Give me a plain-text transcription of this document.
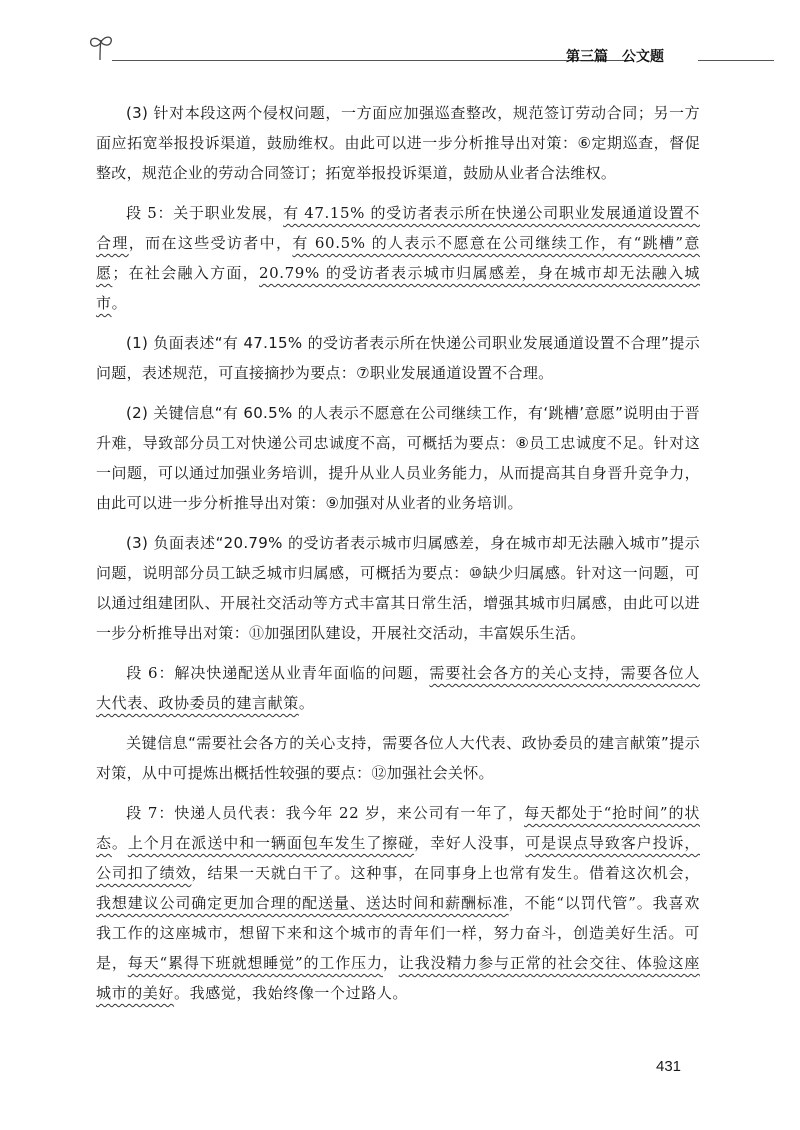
第三篇 公文题

(3) 针对本段这两个侵权问题，一方面应加强巡查整改，规范签订劳动合同；另一方面应拓宽举报投诉渠道，鼓励维权。由此可以进一步分析推导出对策：⑥定期巡查，督促整改，规范企业的劳动合同签订；拓宽举报投诉渠道，鼓励从业者合法维权。

段 5：关于职业发展，有 47.15% 的受访者表示所在快递公司职业发展通道设置不合理，而在这些受访者中，有 60.5% 的人表示不愿意在公司继续工作，有“跳槽”意愿；在社会融入方面，20.79% 的受访者表示城市归属感差，身在城市却无法融入城市。

(1) 负面表述“有 47.15% 的受访者表示所在快递公司职业发展通道设置不合理”提示问题，表述规范，可直接摘抄为要点：⑦职业发展通道设置不合理。

(2) 关键信息“有 60.5% 的人表示不愿意在公司继续工作，有‘跳槽’意愿”说明由于晋升难，导致部分员工对快递公司忠诚度不高，可概括为要点：⑧员工忠诚度不足。针对这一问题，可以通过加强业务培训，提升从业人员业务能力，从而提高其自身晋升竞争力，由此可以进一步分析推导出对策：⑨加强对从业者的业务培训。

(3) 负面表述“20.79% 的受访者表示城市归属感差，身在城市却无法融入城市”提示问题，说明部分员工缺乏城市归属感，可概括为要点：⑩缺少归属感。针对这一问题，可以通过组建团队、开展社交活动等方式丰富其日常生活，增强其城市归属感，由此可以进一步分析推导出对策：⑪加强团队建设，开展社交活动，丰富娱乐生活。

段 6：解决快递配送从业青年面临的问题，需要社会各方的关心支持，需要各位人大代表、政协委员的建言献策。

关键信息“需要社会各方的关心支持，需要各位人大代表、政协委员的建言献策”提示对策，从中可提炼出概括性较强的要点：⑫加强社会关怀。

段 7：快递人员代表：我今年 22 岁，来公司有一年了，每天都处于“抢时间”的状态。上个月在派送中和一辆面包车发生了擦碰，幸好人没事，可是误点导致客户投诉，公司扣了绩效，结果一天就白干了。这种事，在同事身上也常有发生。借着这次机会，我想建议公司确定更加合理的配送量、送达时间和薪酬标准，不能“以罚代管”。我喜欢我工作的这座城市，想留下来和这个城市的青年们一样，努力奋斗，创造美好生活。可是，每天“累得下班就想睡觉”的工作压力，让我没精力参与正常的社会交往、体验这座城市的美好。我感觉，我始终像一个过路人。

431
